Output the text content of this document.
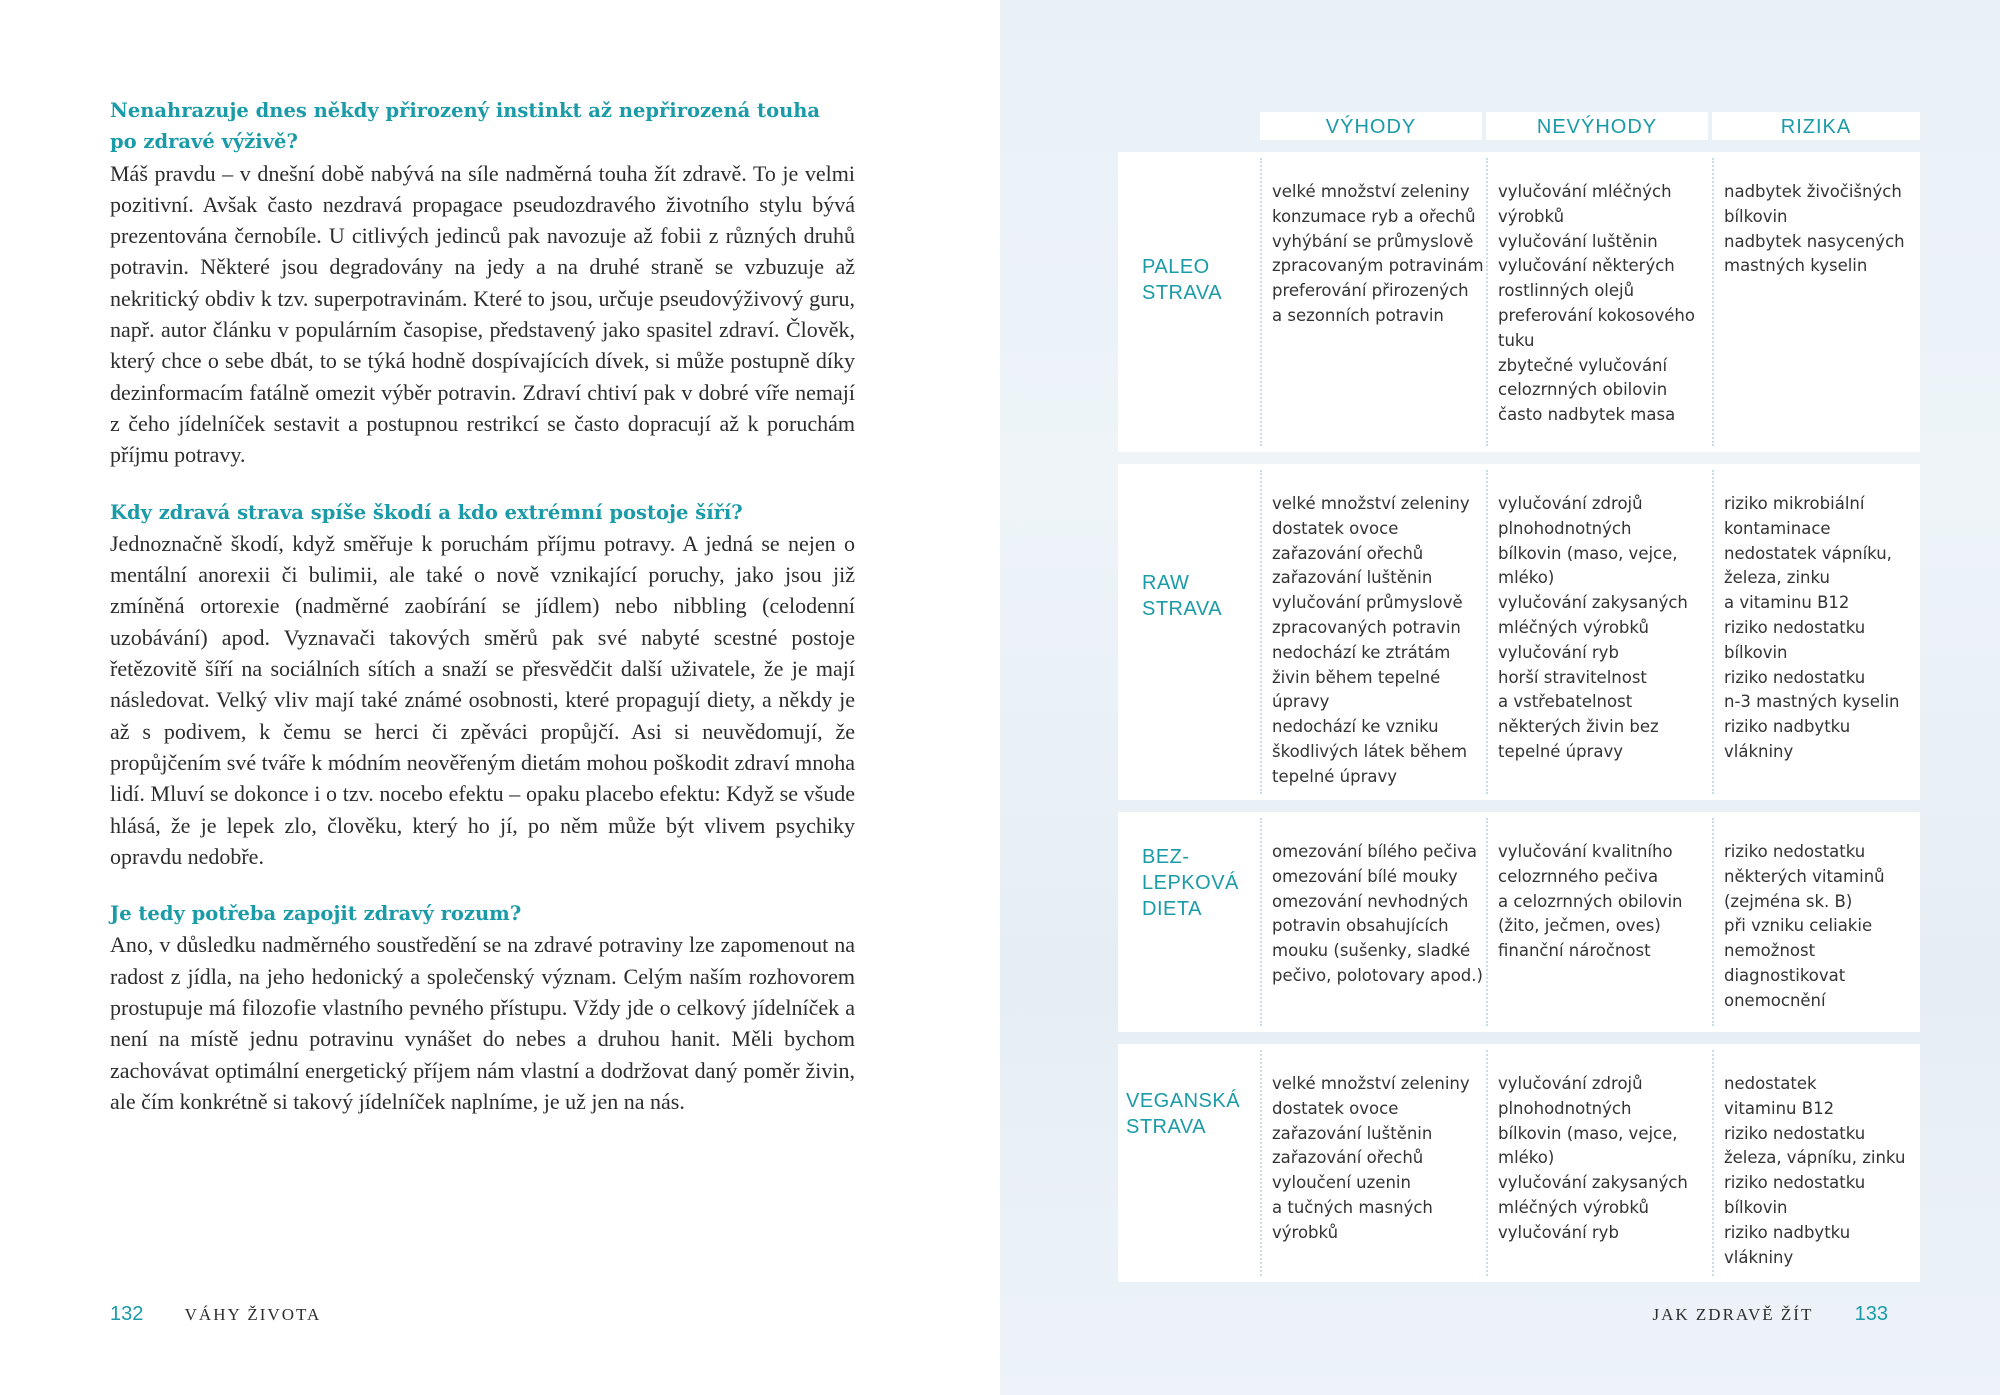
Nenahrazuje dnes někdy přirozený instinkt až nepřirozená touha
po zdravé výživě?

Máš pravdu – v dnešní době nabývá na síle nadměrná touha žít zdravě. To je velmi pozitivní. Avšak často nezdravá propagace pseudozdravého životního stylu bývá prezentována černobíle. U citlivých jedinců pak navozuje až fobii z různých druhů potravin. Některé jsou degradovány na jedy a na druhé straně se vzbuzuje až nekritický obdiv k tzv. superpotravinám. Které to jsou, určuje pseudovýživový guru, např. autor článku v populárním časopise, představený jako spasitel zdraví. Člověk, který chce o sebe dbát, to se týká hodně dospívajících dívek, si může postupně díky dezinformacím fatálně omezit výběr potravin. Zdraví chtiví pak v dobré víře nemají z čeho jídelníček sestavit a postupnou restrikcí se často dopracují až k poruchám příjmu potravy.

Kdy zdravá strava spíše škodí a kdo extrémní postoje šíří?

Jednoznačně škodí, když směřuje k poruchám příjmu potravy. A jedná se nejen o mentální anorexii či bulimii, ale také o nově vznikající poruchy, jako jsou již zmíněná ortorexie (nadměrné zaobírání se jídlem) nebo nibbling (celodenní uzobávání) apod. Vyznavači takových směrů pak své nabyté scestné postoje řetězovitě šíří na sociálních sítích a snaží se přesvědčit další uživatele, že je mají následovat. Velký vliv mají také známé osobnosti, které propagují diety, a někdy je až s podivem, k čemu se herci či zpěváci propůjčí. Asi si neuvědomují, že propůjčením své tváře k módním neověřeným dietám mohou poškodit zdraví mnoha lidí. Mluví se dokonce i o tzv. nocebo efektu – opaku placebo efektu: Když se všude hlásá, že je lepek zlo, člověku, který ho jí, po něm může být vlivem psychiky opravdu nedobře.

Je tedy potřeba zapojit zdravý rozum?

Ano, v důsledku nadměrného soustředění se na zdravé potraviny lze zapomenout na radost z jídla, na jeho hedonický a společenský význam. Celým naším rozhovorem prostupuje má filozofie vlastního pevného přístupu. Vždy jde o celkový jídelníček a není na místě jednu potravinu vynášet do nebes a druhou hanit. Měli bychom zachovávat optimální energetický příjem nám vlastní a dodržovat daný poměr živin, ale čím konkrétně si takový jídelníček naplníme, je už jen na nás.

132 VÁHY ŽIVOTA
VÝHODY	NEVÝHODY	RIZIKA
PALEO
STRAVA
velké množství zeleniny
konzumace ryb a ořechů
vyhýbání se průmyslově
zpracovaným potravinám
preferování přirozených
a sezonních potravin
vylučování mléčných
výrobků
vylučování luštěnin
vylučování některých
rostlinných olejů
preferování kokosového
tuku
zbytečné vylučování
celozrnných obilovin
často nadbytek masa
nadbytek živočišných
bílkovin
nadbytek nasycených
mastných kyselin
RAW
STRAVA
velké množství zeleniny
dostatek ovoce
zařazování ořechů
zařazování luštěnin
vylučování průmyslově
zpracovaných potravin
nedochází ke ztrátám
živin během tepelné
úpravy
nedochází ke vzniku
škodlivých látek během
tepelné úpravy
vylučování zdrojů
plnohodnotných
bílkovin (maso, vejce,
mléko)
vylučování zakysaných
mléčných výrobků
vylučování ryb
horší stravitelnost
a vstřebatelnost
některých živin bez
tepelné úpravy
riziko mikrobiální
kontaminace
nedostatek vápníku,
železa, zinku
a vitaminu B12
riziko nedostatku
bílkovin
riziko nedostatku
n-3 mastných kyselin
riziko nadbytku
vlákniny
BEZ-
LEPKOVÁ
DIETA
omezování bílého pečiva
omezování bílé mouky
omezování nevhodných
potravin obsahujících
mouku (sušenky, sladké
pečivo, polotovary apod.)
vylučování kvalitního
celozrnného pečiva
a celozrnných obilovin
(žito, ječmen, oves)
finanční náročnost
riziko nedostatku
některých vitaminů
(zejména sk. B)
při vzniku celiakie
nemožnost
diagnostikovat
onemocnění
VEGANSKÁ
STRAVA
velké množství zeleniny
dostatek ovoce
zařazování luštěnin
zařazování ořechů
vyloučení uzenin
a tučných masných
výrobků
vylučování zdrojů
plnohodnotných
bílkovin (maso, vejce,
mléko)
vylučování zakysaných
mléčných výrobků
vylučování ryb
nedostatek
vitaminu B12
riziko nedostatku
železa, vápníku, zinku
riziko nedostatku
bílkovin
riziko nadbytku
vlákniny
JAK ZDRAVĚ ŽÍT 133
